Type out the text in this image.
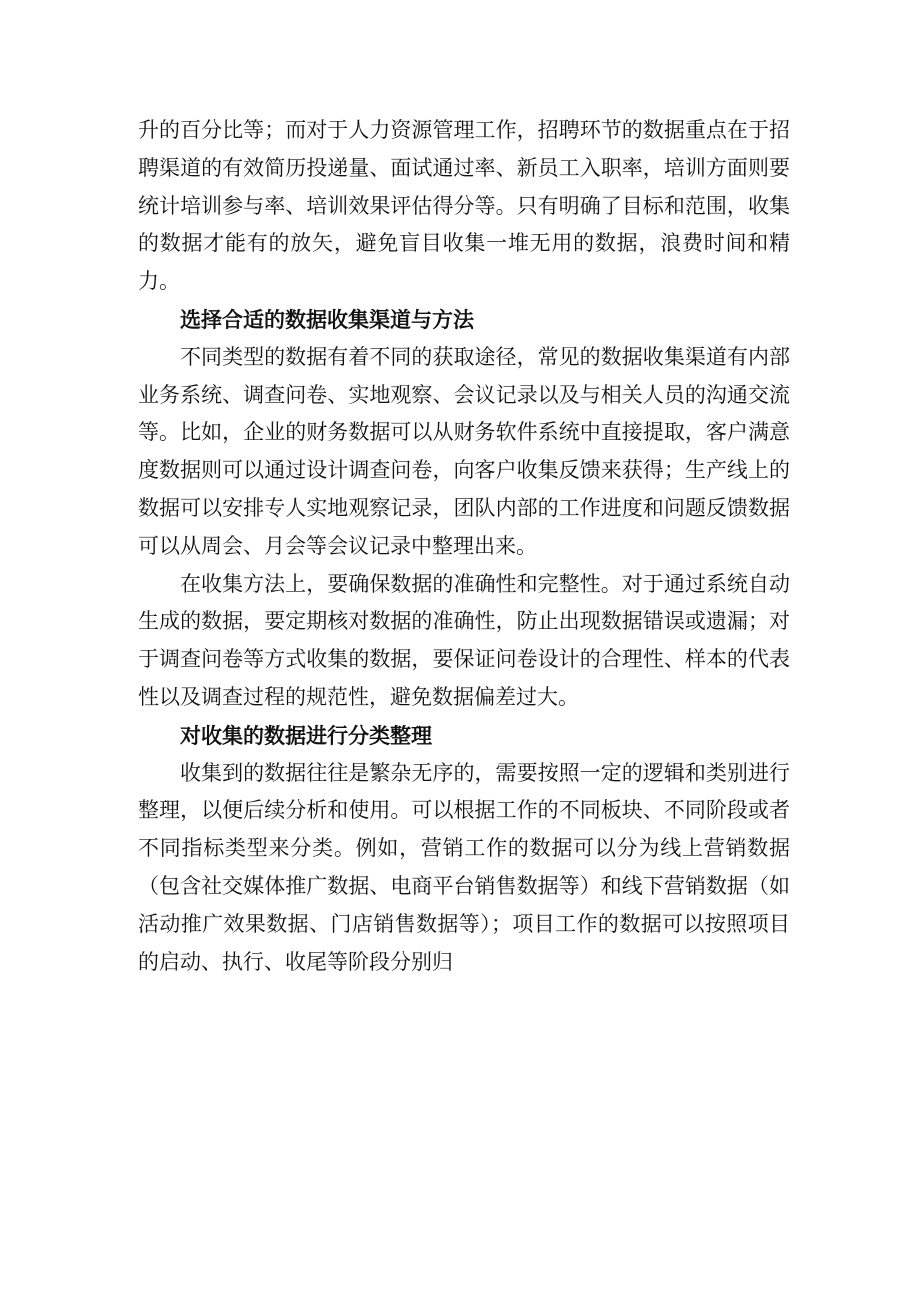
升的百分比等；而对于人力资源管理工作，招聘环节的数据重点在于招聘渠道的有效简历投递量、面试通过率、新员工入职率，培训方面则要统计培训参与率、培训效果评估得分等。只有明确了目标和范围，收集的数据才能有的放矢，避免盲目收集一堆无用的数据，浪费时间和精力。

选择合适的数据收集渠道与方法

不同类型的数据有着不同的获取途径，常见的数据收集渠道有内部业务系统、调查问卷、实地观察、会议记录以及与相关人员的沟通交流等。比如，企业的财务数据可以从财务软件系统中直接提取，客户满意度数据则可以通过设计调查问卷，向客户收集反馈来获得；生产线上的数据可以安排专人实地观察记录，团队内部的工作进度和问题反馈数据可以从周会、月会等会议记录中整理出来。

在收集方法上，要确保数据的准确性和完整性。对于通过系统自动生成的数据，要定期核对数据的准确性，防止出现数据错误或遗漏；对于调查问卷等方式收集的数据，要保证问卷设计的合理性、样本的代表性以及调查过程的规范性，避免数据偏差过大。

对收集的数据进行分类整理

收集到的数据往往是繁杂无序的，需要按照一定的逻辑和类别进行整理，以便后续分析和使用。可以根据工作的不同板块、不同阶段或者不同指标类型来分类。例如，营销工作的数据可以分为线上营销数据（包含社交媒体推广数据、电商平台销售数据等）和线下营销数据（如活动推广效果数据、门店销售数据等）；项目工作的数据可以按照项目的启动、执行、收尾等阶段分别归
